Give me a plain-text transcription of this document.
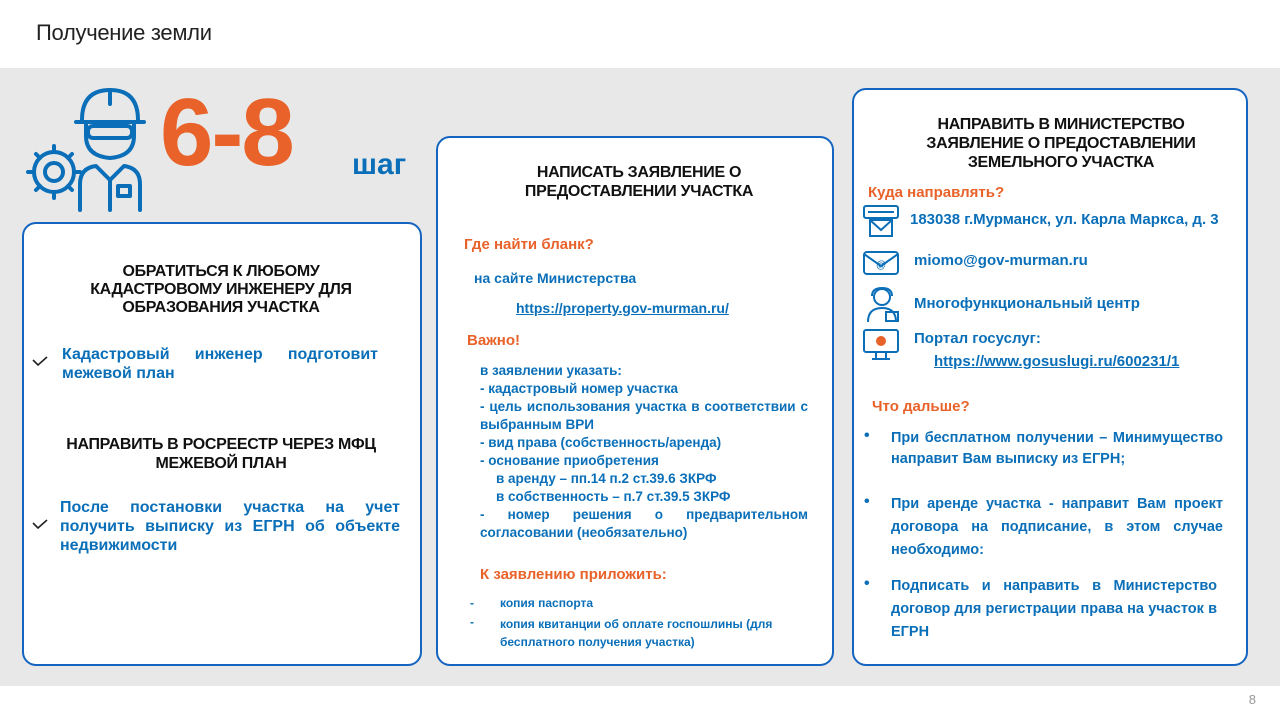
Получение земли
6-8 шаг
ОБРАТИТЬСЯ К ЛЮБОМУ КАДАСТРОВОМУ ИНЖЕНЕРУ ДЛЯ ОБРАЗОВАНИЯ УЧАСТКА
Кадастровый инженер подготовит межевой план
НАПРАВИТЬ В РОСРЕЕСТР ЧЕРЕЗ МФЦ МЕЖЕВОЙ ПЛАН
После постановки участка на учет получить выписку из ЕГРН об объекте недвижимости
НАПИСАТЬ ЗАЯВЛЕНИЕ О ПРЕДОСТАВЛЕНИИ УЧАСТКА
Где найти бланк?
на сайте Министерства
https://property.gov-murman.ru/
Важно!
в заявлении указать:
- кадастровый номер участка
- цель использования участка в соответствии с выбранным ВРИ
- вид права (собственность/аренда)
- основание приобретения
в аренду – пп.14 п.2 ст.39.6 ЗКРФ
в собственность – п.7 ст.39.5 ЗКРФ
- номер решения о предварительном согласовании (необязательно)
К заявлению приложить:
- копия паспорта
- копия квитанции об оплате госпошлины (для бесплатного получения участка)
НАПРАВИТЬ В МИНИСТЕРСТВО ЗАЯВЛЕНИЕ О ПРЕДОСТАВЛЕНИИ ЗЕМЕЛЬНОГО УЧАСТКА
Куда направлять?
183038 г.Мурманск, ул. Карла Маркса, д. 3
@ miomo@gov-murman.ru
Многофункциональный центр
Портал госуслуг:
https://www.gosuslugi.ru/600231/1
Что дальше?
• При бесплатном получении – Минимущество направит Вам выписку из ЕГРН;
• При аренде участка - направит Вам проект договора на подписание, в этом случае необходимо:
• Подписать и направить в Министерство договор для регистрации права на участок в ЕГРН
8
